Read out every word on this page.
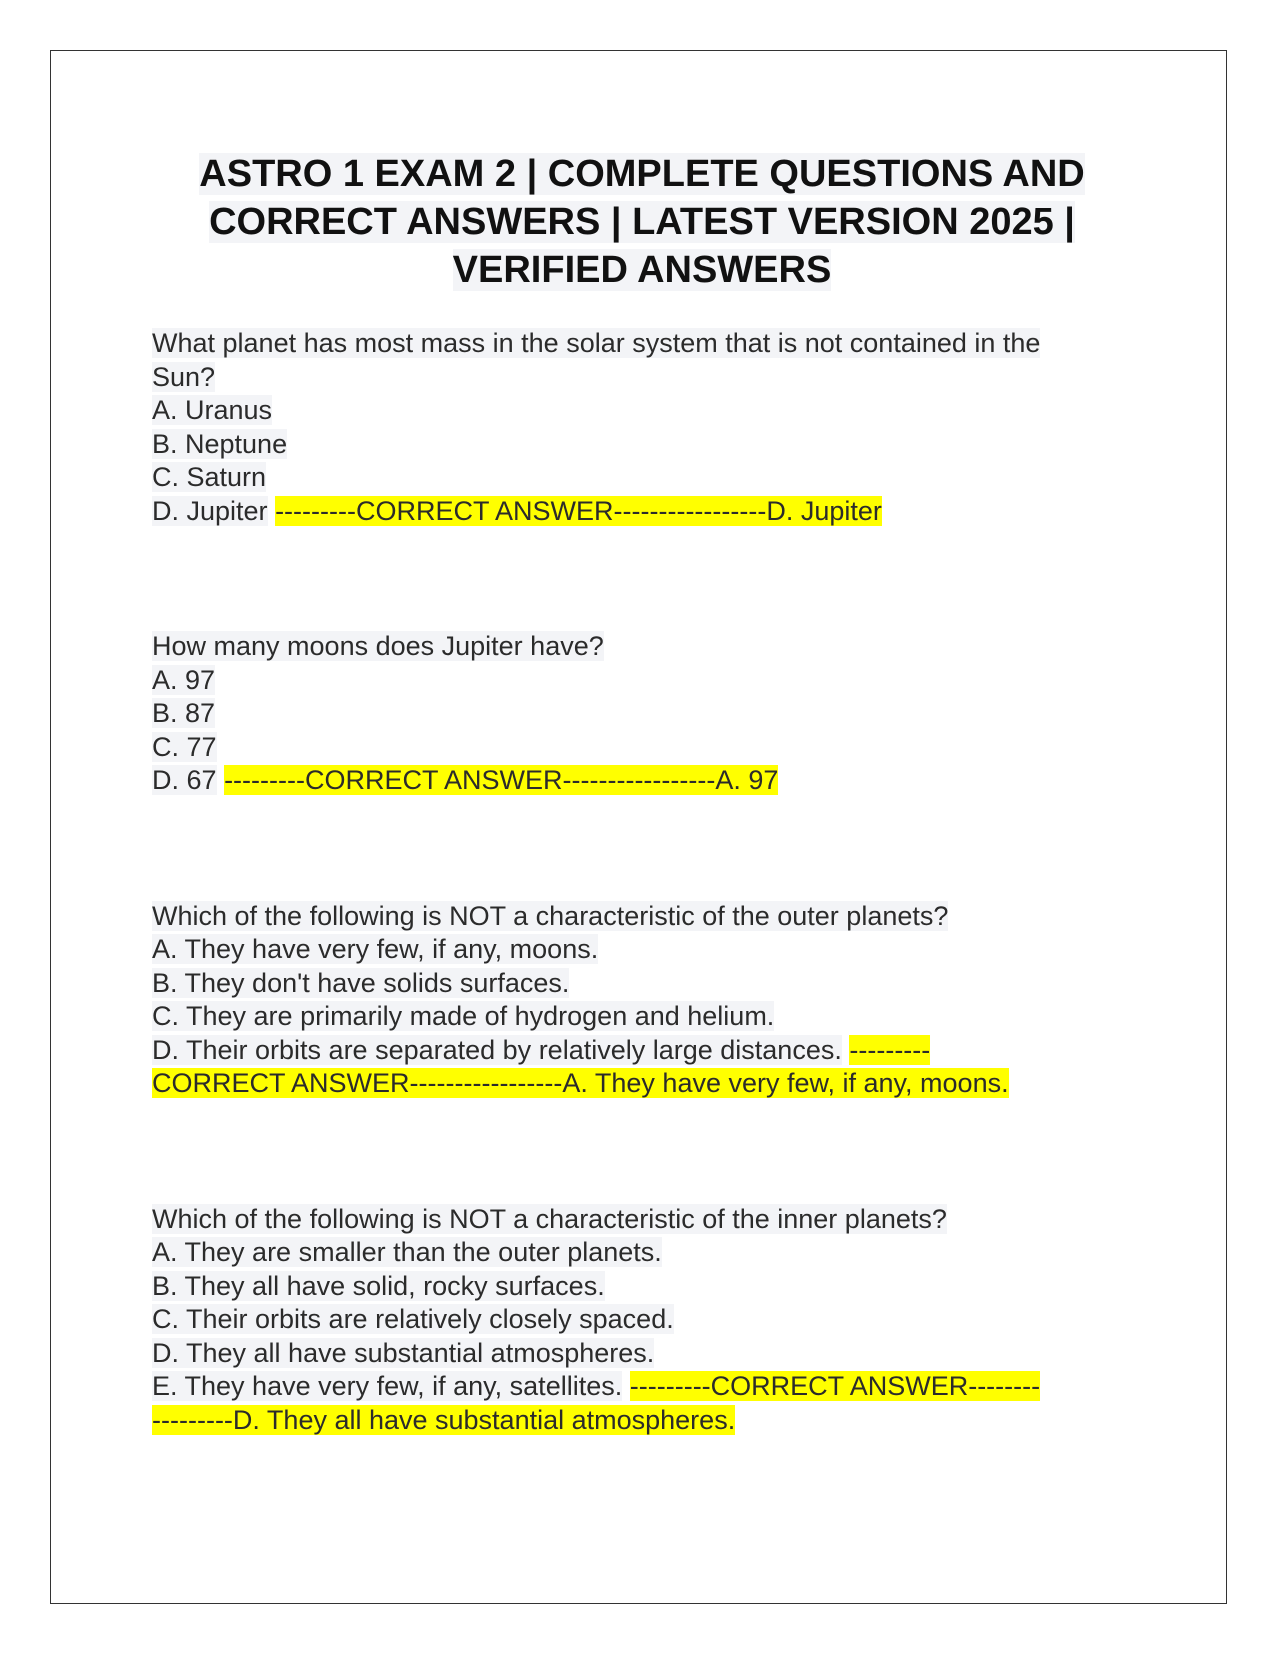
ASTRO 1 EXAM 2 | COMPLETE QUESTIONS AND
CORRECT ANSWERS | LATEST VERSION 2025 |
VERIFIED ANSWERS
What planet has most mass in the solar system that is not contained in the
Sun?
A. Uranus
B. Neptune
C. Saturn
D. Jupiter ---------CORRECT ANSWER-----------------D. Jupiter
How many moons does Jupiter have?
A. 97
B. 87
C. 77
D. 67 ---------CORRECT ANSWER-----------------A. 97
Which of the following is NOT a characteristic of the outer planets?
A. They have very few, if any, moons.
B. They don't have solids surfaces.
C. They are primarily made of hydrogen and helium.
D. Their orbits are separated by relatively large distances. ---------
CORRECT ANSWER-----------------A. They have very few, if any, moons.
Which of the following is NOT a characteristic of the inner planets?
A. They are smaller than the outer planets.
B. They all have solid, rocky surfaces.
C. Their orbits are relatively closely spaced.
D. They all have substantial atmospheres.
E. They have very few, if any, satellites. ---------CORRECT ANSWER--------
---------D. They all have substantial atmospheres.
